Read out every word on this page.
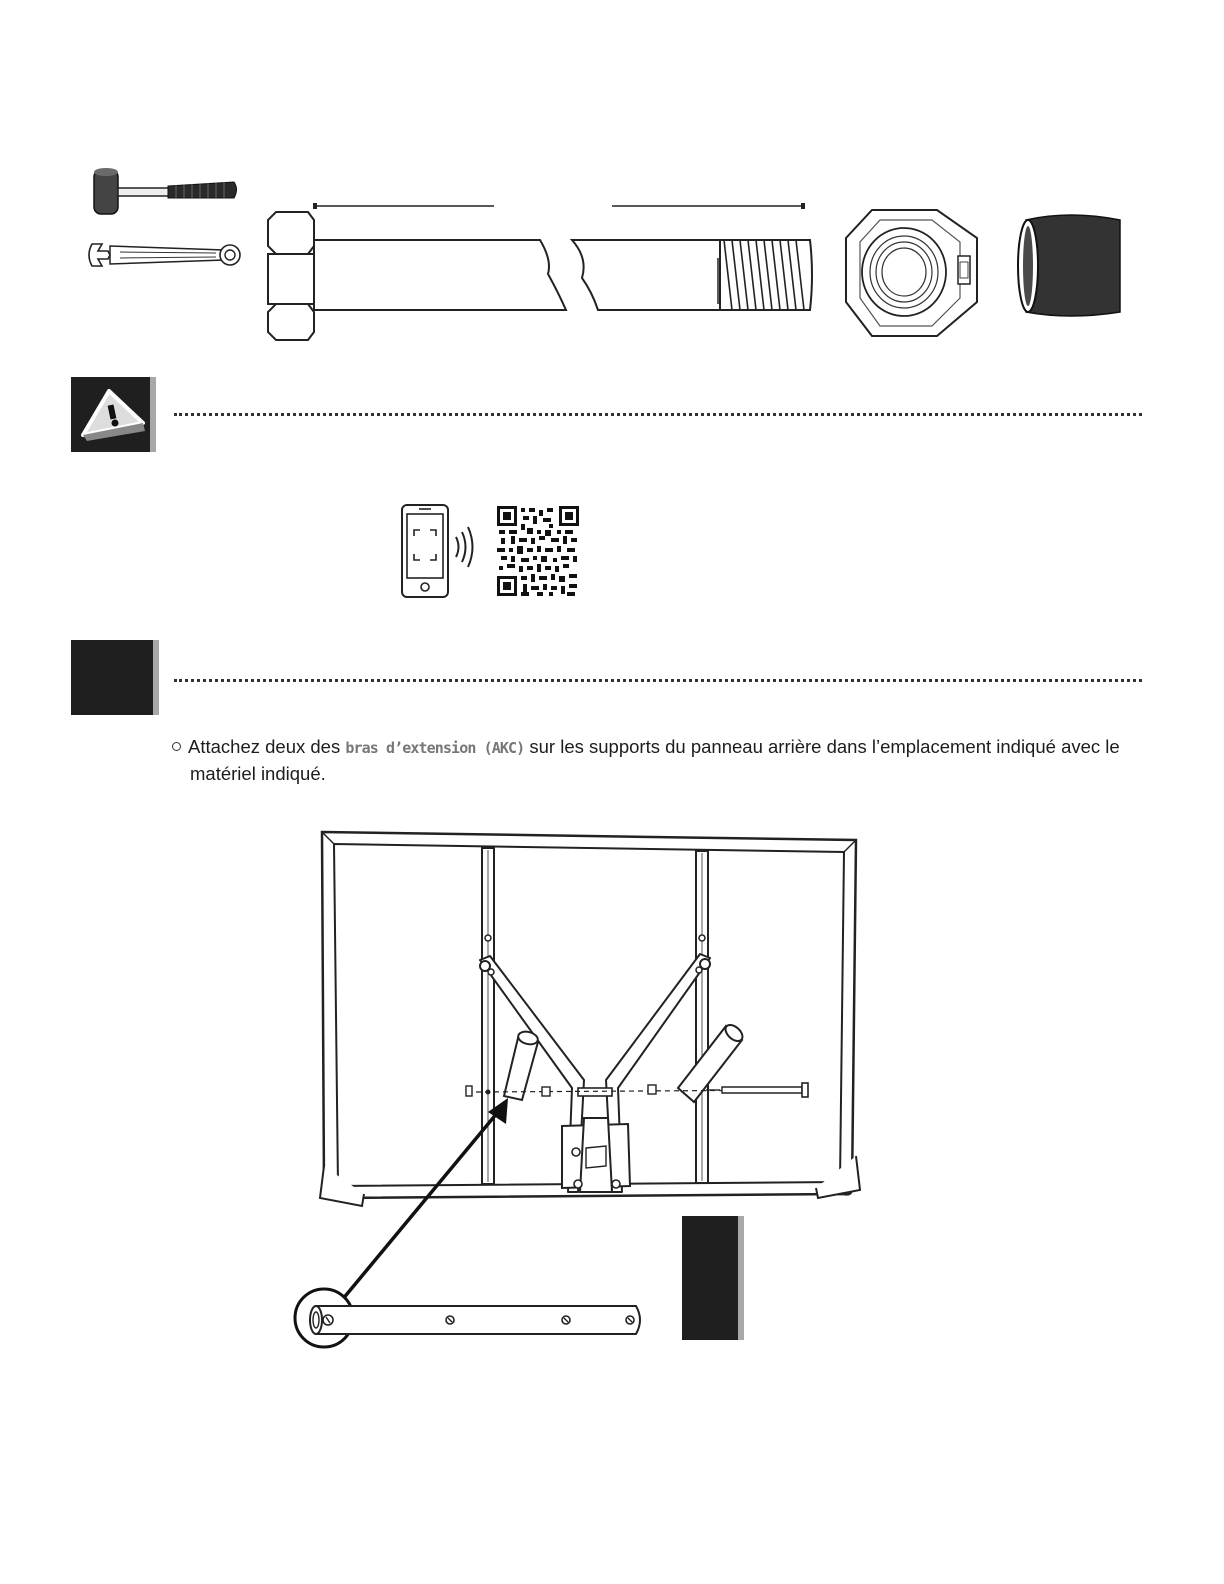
Attachez deux des bras d’extension (AKC) sur les supports du panneau arrière dans l’emplacement indiqué avec le
matériel indiqué.
